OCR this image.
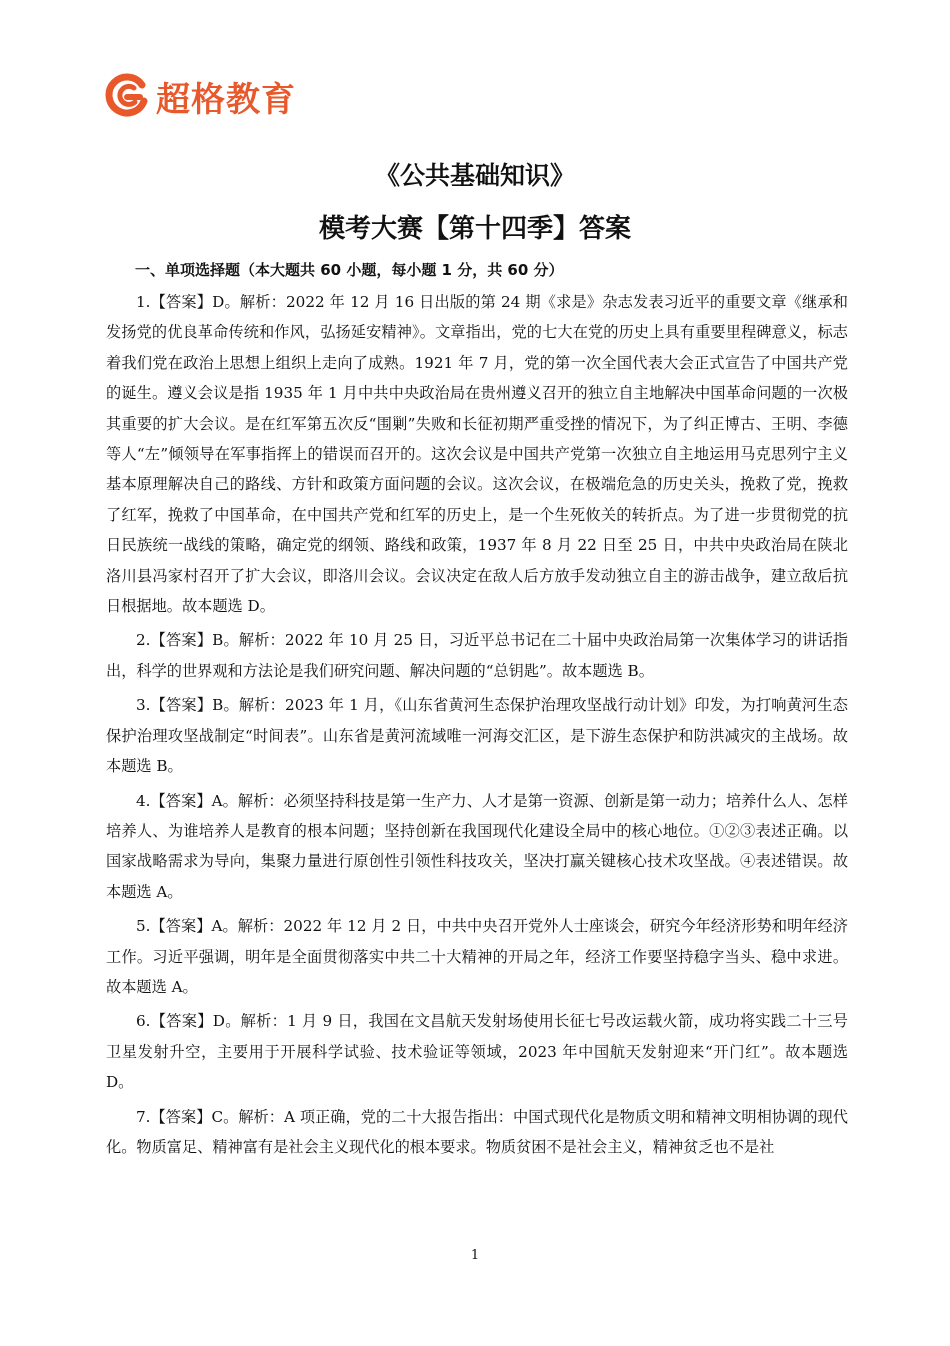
超格教育
《公共基础知识》
模考大赛【第十四季】答案
一、单项选择题（本大题共 60 小题，每小题 1 分，共 60 分）

1.【答案】D。解析：2022 年 12 月 16 日出版的第 24 期《求是》杂志发表习近平的重要文章《继承和发扬党的优良革命传统和作风，弘扬延安精神》。文章指出，党的七大在党的历史上具有重要里程碑意义，标志着我们党在政治上思想上组织上走向了成熟。1921 年 7 月，党的第一次全国代表大会正式宣告了中国共产党的诞生。遵义会议是指 1935 年 1 月中共中央政治局在贵州遵义召开的独立自主地解决中国革命问题的一次极其重要的扩大会议。是在红军第五次反“围剿”失败和长征初期严重受挫的情况下，为了纠正博古、王明、李德等人“左”倾领导在军事指挥上的错误而召开的。这次会议是中国共产党第一次独立自主地运用马克思列宁主义基本原理解决自己的路线、方针和政策方面问题的会议。这次会议，在极端危急的历史关头，挽救了党，挽救了红军，挽救了中国革命，在中国共产党和红军的历史上，是一个生死攸关的转折点。为了进一步贯彻党的抗日民族统一战线的策略，确定党的纲领、路线和政策，1937 年 8 月 22 日至 25 日，中共中央政治局在陕北洛川县冯家村召开了扩大会议，即洛川会议。会议决定在敌人后方放手发动独立自主的游击战争，建立敌后抗日根据地。故本题选 D。

2.【答案】B。解析：2022 年 10 月 25 日，习近平总书记在二十届中央政治局第一次集体学习的讲话指出，科学的世界观和方法论是我们研究问题、解决问题的“总钥匙”。故本题选 B。

3.【答案】B。解析：2023 年 1 月，《山东省黄河生态保护治理攻坚战行动计划》印发，为打响黄河生态保护治理攻坚战制定“时间表”。山东省是黄河流域唯一河海交汇区，是下游生态保护和防洪减灾的主战场。故本题选 B。

4.【答案】A。解析：必须坚持科技是第一生产力、人才是第一资源、创新是第一动力；培养什么人、怎样培养人、为谁培养人是教育的根本问题；坚持创新在我国现代化建设全局中的核心地位。①②③表述正确。以国家战略需求为导向，集聚力量进行原创性引领性科技攻关，坚决打赢关键核心技术攻坚战。④表述错误。故本题选 A。

5.【答案】A。解析：2022 年 12 月 2 日，中共中央召开党外人士座谈会，研究今年经济形势和明年经济工作。习近平强调，明年是全面贯彻落实中共二十大精神的开局之年，经济工作要坚持稳字当头、稳中求进。故本题选 A。

6.【答案】D。解析：1 月 9 日，我国在文昌航天发射场使用长征七号改运载火箭，成功将实践二十三号卫星发射升空，主要用于开展科学试验、技术验证等领域，2023 年中国航天发射迎来“开门红”。故本题选 D。

7.【答案】C。解析：A 项正确，党的二十大报告指出：中国式现代化是物质文明和精神文明相协调的现代化。物质富足、精神富有是社会主义现代化的根本要求。物质贫困不是社会主义，精神贫乏也不是社

1
